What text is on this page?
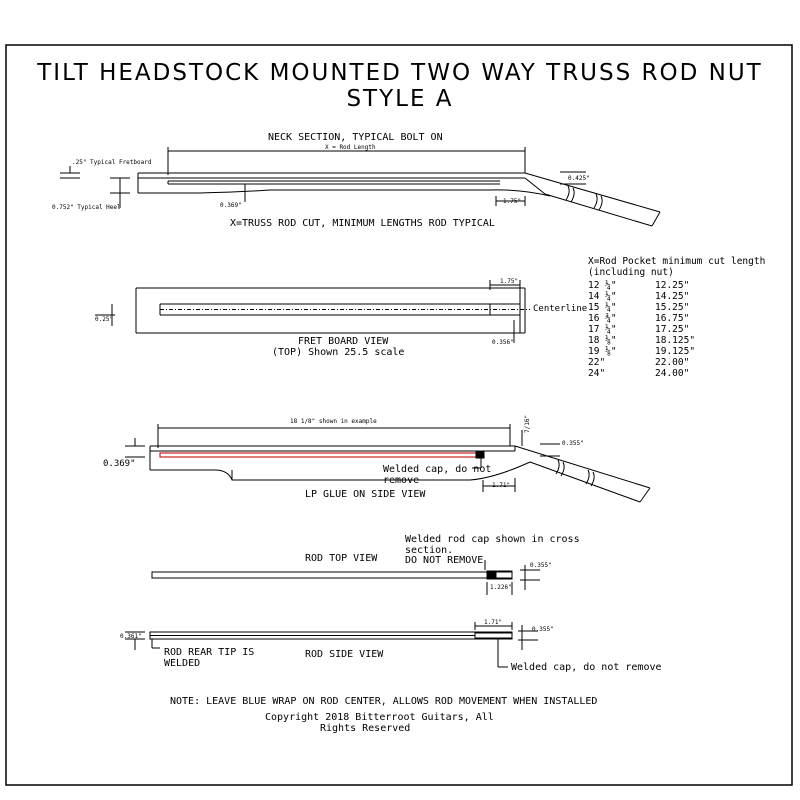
TILT HEADSTOCK MOUNTED TWO WAY TRUSS ROD NUT
STYLE A
NECK SECTION, TYPICAL BOLT ON
X = Rod Length
.25" Typical Fretboard
0.752" Typical Heel	0.369"
1.75"
0.425"
X=TRUSS ROD CUT, MINIMUM LENGTHS ROD TYPICAL
X=Rod Pocket minimum cut length
(including nut)
12 ¼"	12.25"
14 ¼"	14.25"
15 ¼"	15.25"
16 ¾"	16.75"
17 ¼"	17.25"
18 ⅛"	18.125"
19 ⅛"	19.125"
22"	22.00"
24"	24.00"
1.75"
Centerline
0.25"
0.356"
FRET BOARD VIEW
(TOP) Shown 25.5 scale
18 1/8" shown in example
0.369"
7/16"
0.355"
Welded cap, do not
remove	1.71"
LP GLUE ON SIDE VIEW
Welded rod cap shown in cross
section.
DO NOT REMOVE
ROD TOP VIEW
0.355"
1.226"
1.71"
0.355"
0.361"
ROD REAR TIP IS
WELDED
ROD SIDE VIEW
Welded cap, do not remove
NOTE: LEAVE BLUE WRAP ON ROD CENTER, ALLOWS ROD MOVEMENT WHEN INSTALLED
Copyright 2018 Bitterroot Guitars, All
Rights Reserved
